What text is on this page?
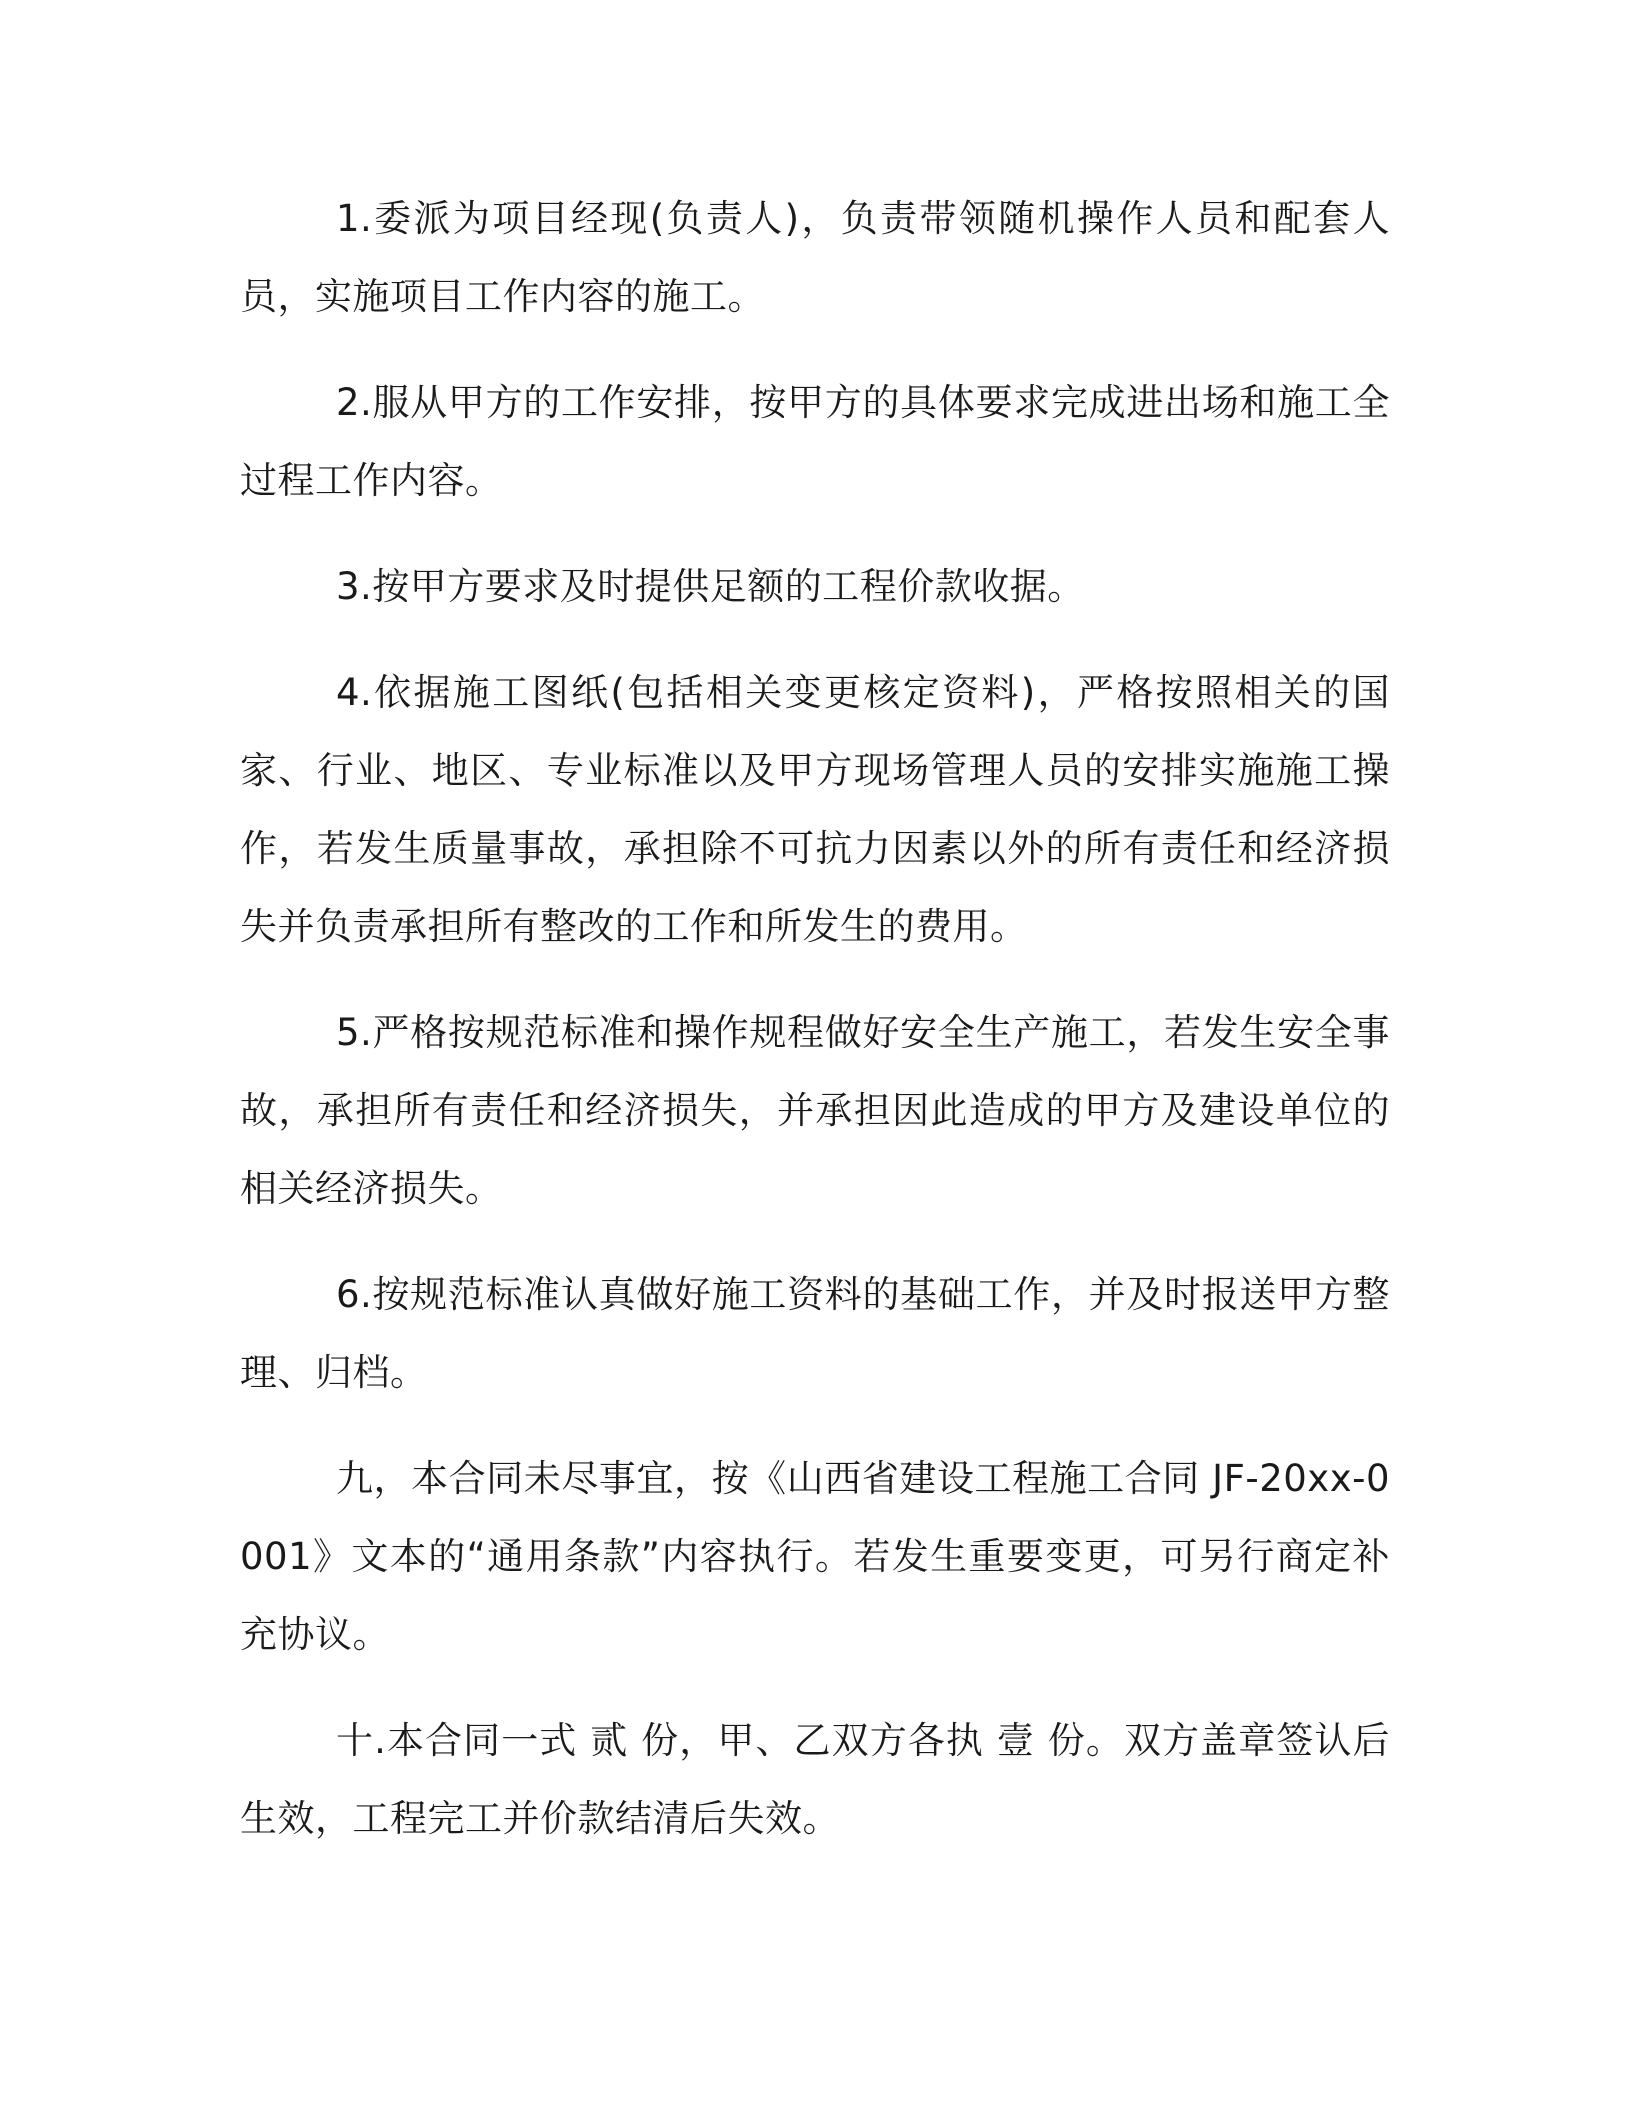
1.委派为项目经现(负责人)，负责带领随机操作人员和配套人员，实施项目工作内容的施工。

2.服从甲方的工作安排，按甲方的具体要求完成进出场和施工全过程工作内容。

3.按甲方要求及时提供足额的工程价款收据。

4.依据施工图纸(包括相关变更核定资料)，严格按照相关的国家、行业、地区、专业标准以及甲方现场管理人员的安排实施施工操作，若发生质量事故，承担除不可抗力因素以外的所有责任和经济损失并负责承担所有整改的工作和所发生的费用。

5.严格按规范标准和操作规程做好安全生产施工，若发生安全事故，承担所有责任和经济损失，并承担因此造成的甲方及建设单位的相关经济损失。

6.按规范标准认真做好施工资料的基础工作，并及时报送甲方整理、归档。

九，本合同未尽事宜，按《山西省建设工程施工合同 JF-20xx-0001》文本的“通用条款”内容执行。若发生重要变更，可另行商定补充协议。

十.本合同一式 贰 份，甲、乙双方各执 壹 份。双方盖章签认后生效，工程完工并价款结清后失效。
